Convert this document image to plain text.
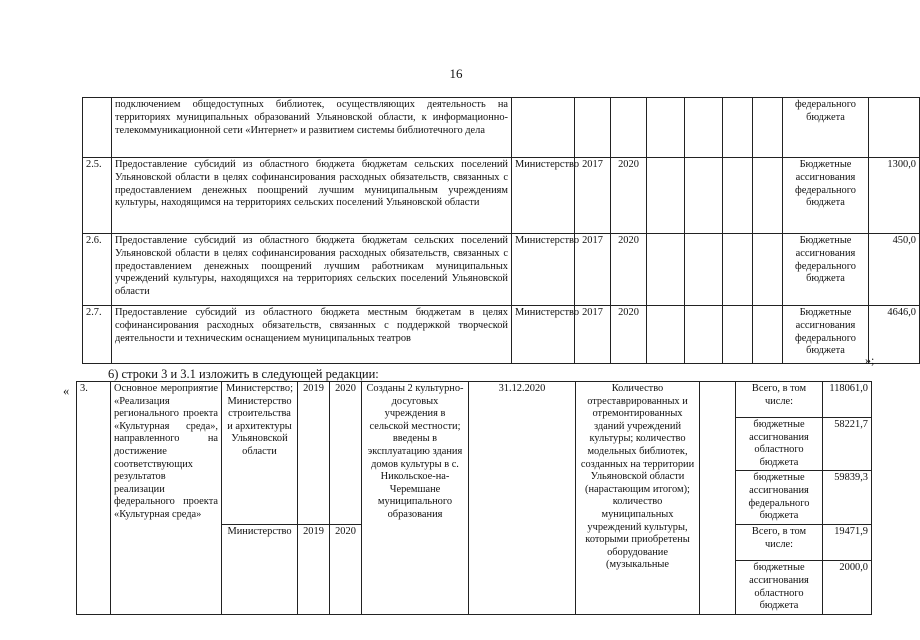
16
	подключением общедоступных библиотек, осуществляющих деятельность на территориях муниципальных образований Ульяновской области, к информационно-телекоммуникационной сети «Интернет» и развитием системы библиотечного дела								федерального бюджета	
2.5.	Предоставление субсидий из областного бюджета бюджетам сельских поселений Ульяновской области в целях софинансирования расходных обязательств, связанных с предоставлением денежных поощрений лучшим муниципальным учреждениям культуры, находящимся на территориях сельских поселений Ульяновской области	Министерство	2017	2020					Бюджетные ассигнования федерального бюджета	1300,0
2.6.	Предоставление субсидий из областного бюджета бюджетам сельских поселений Ульяновской области в целях софинансирования расходных обязательств, связанных с предоставлением денежных поощрений лучшим работникам муниципальных учреждений культуры, находящихся на территориях сельских поселений Ульяновской области	Министерство	2017	2020					Бюджетные ассигнования федерального бюджета	450,0
2.7.	Предоставление субсидий из областного бюджета местным бюджетам в целях софинансирования расходных обязательств, связанных с поддержкой творческой деятельности и техническим оснащением муниципальных театров	Министерство	2017	2020					Бюджетные ассигнования федерального бюджета	4646,0
»;
6) строки 3 и 3.1 изложить в следующей редакции:
« 3.	Основное мероприятие «Реализация регионального проекта «Культурная среда», направленного на достижение соответствующих результатов реализации федерального проекта «Культурная среда»	Министерство; Министерство строительства и архитектуры Ульяновской области	2019	2020	Созданы 2 культурно-досуговых учреждения в сельской местности; введены в эксплуатацию здания домов культуры в с. Никольское-на-Черемшане муниципального образования	31.12.2020	Количество отреставрированных и отремонтированных зданий учреждений культуры; количество модельных библиотек, созданных на территории Ульяновской области (нарастающим итогом); количество муниципальных учреждений культуры, которыми приобретены оборудование (музыкальные		Всего, в том числе:	118061,0
									бюджетные ассигнования областного бюджета	58221,7
									бюджетные ассигнования федерального бюджета	59839,3
		Министерство	2019	2020					Всего, в том числе:	19471,9
									бюджетные ассигнования областного бюджета	2000,0
